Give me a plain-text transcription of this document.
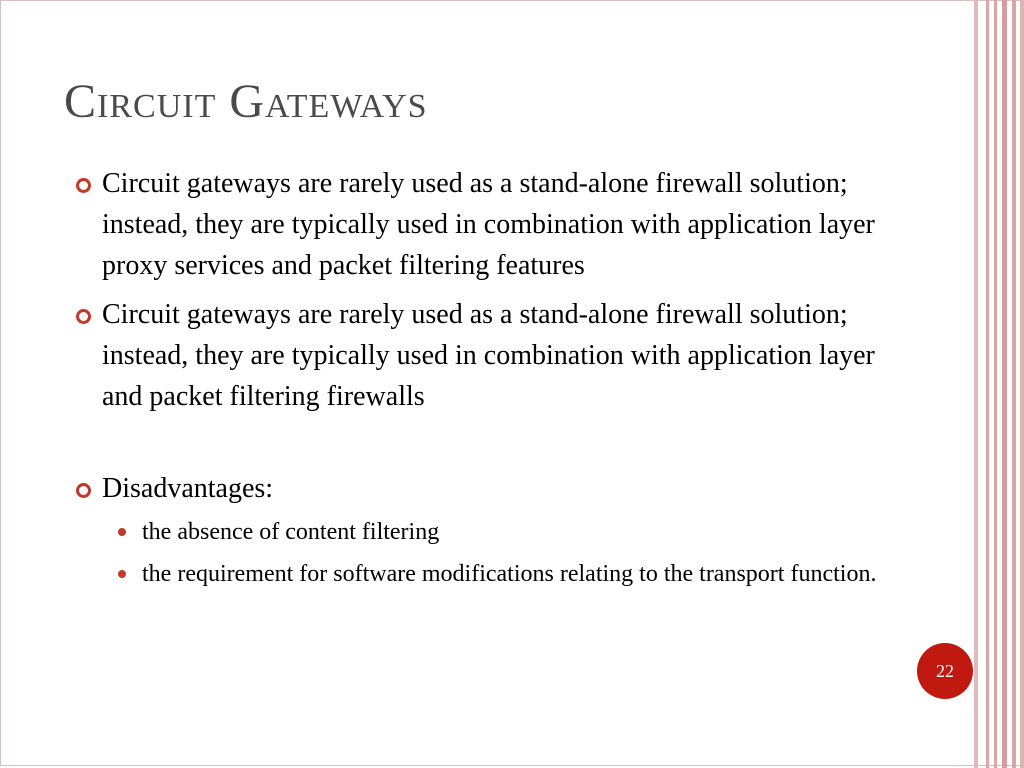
Circuit Gateways
Circuit gateways are rarely used as a stand-alone firewall solution; instead, they are typically used in combination with application layer proxy services and packet filtering features
Circuit gateways are rarely used as a stand-alone firewall solution; instead, they are typically used in combination with application layer and packet filtering firewalls
Disadvantages:
the absence of content filtering
the requirement for software modifications relating to the transport function.
22
